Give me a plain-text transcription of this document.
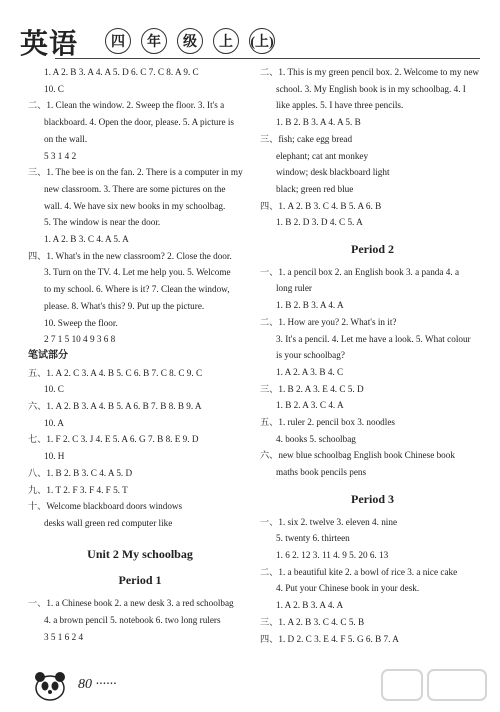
英语	四	年	级	上	(上)
1. A 2. B 3. A 4. A 5. D 6. C 7. C 8. A 9. C
10. C
二、1. Clean the window. 2. Sweep the floor. 3. It's a
blackboard. 4. Open the door, please. 5. A picture is
on the wall.
5 3 1 4 2
三、1. The bee is on the fan. 2. There is a computer in my
new classroom. 3. There are some pictures on the
wall. 4. We have six new books in my schoolbag.
5. The window is near the door.
1. A 2. B 3. C 4. A 5. A
四、1. What's in the new classroom? 2. Close the door.
3. Turn on the TV. 4. Let me help you. 5. Welcome
to my school. 6. Where is it? 7. Clean the window,
please. 8. What's this? 9. Put up the picture.
10. Sweep the floor.
2 7 1 5 10 4 9 3 6 8
笔试部分
五、1. A 2. C 3. A 4. B 5. C 6. B 7. C 8. C 9. C
10. C
六、1. A 2. B 3. A 4. B 5. A 6. B 7. B 8. B 9. A
10. A
七、1. F 2. C 3. J 4. E 5. A 6. G 7. B 8. E 9. D
10. H
八、1. B 2. B 3. C 4. A 5. D
九、1. T 2. F 3. F 4. F 5. T
十、Welcome blackboard doors windows
desks wall green red computer like
Unit 2 My schoolbag
Period 1
一、1. a Chinese book 2. a new desk 3. a red schoolbag
4. a brown pencil 5. notebook 6. two long rulers
3 5 1 6 2 4
二、1. This is my green pencil box. 2. Welcome to my new
school. 3. My English book is in my schoolbag. 4. I
like apples. 5. I have three pencils.
1. B 2. B 3. A 4. A 5. B
三、fish; cake egg bread
elephant; cat ant monkey
window; desk blackboard light
black; green red blue
四、1. A 2. B 3. C 4. B 5. A 6. B
1. B 2. D 3. D 4. C 5. A
Period 2
一、1. a pencil box 2. an English book 3. a panda 4. a
long ruler
1. B 2. B 3. A 4. A
二、1. How are you? 2. What's in it?
3. It's a pencil. 4. Let me have a look. 5. What colour
is your schoolbag?
1. A 2. A 3. B 4. C
三、1. B 2. A 3. E 4. C 5. D
1. B 2. A 3. C 4. A
五、1. ruler 2. pencil box 3. noodles
4. books 5. schoolbag
六、new blue schoolbag English book Chinese book
maths book pencils pens
Period 3
一、1. six 2. twelve 3. eleven 4. nine
5. twenty 6. thirteen
1. 6 2. 12 3. 11 4. 9 5. 20 6. 13
二、1. a beautiful kite 2. a bowl of rice 3. a nice cake
4. Put your Chinese book in your desk.
1. A 2. B 3. A 4. A
三、1. A 2. B 3. C 4. C 5. B
四、1. D 2. C 3. E 4. F 5. G 6. B 7. A
80 ······
